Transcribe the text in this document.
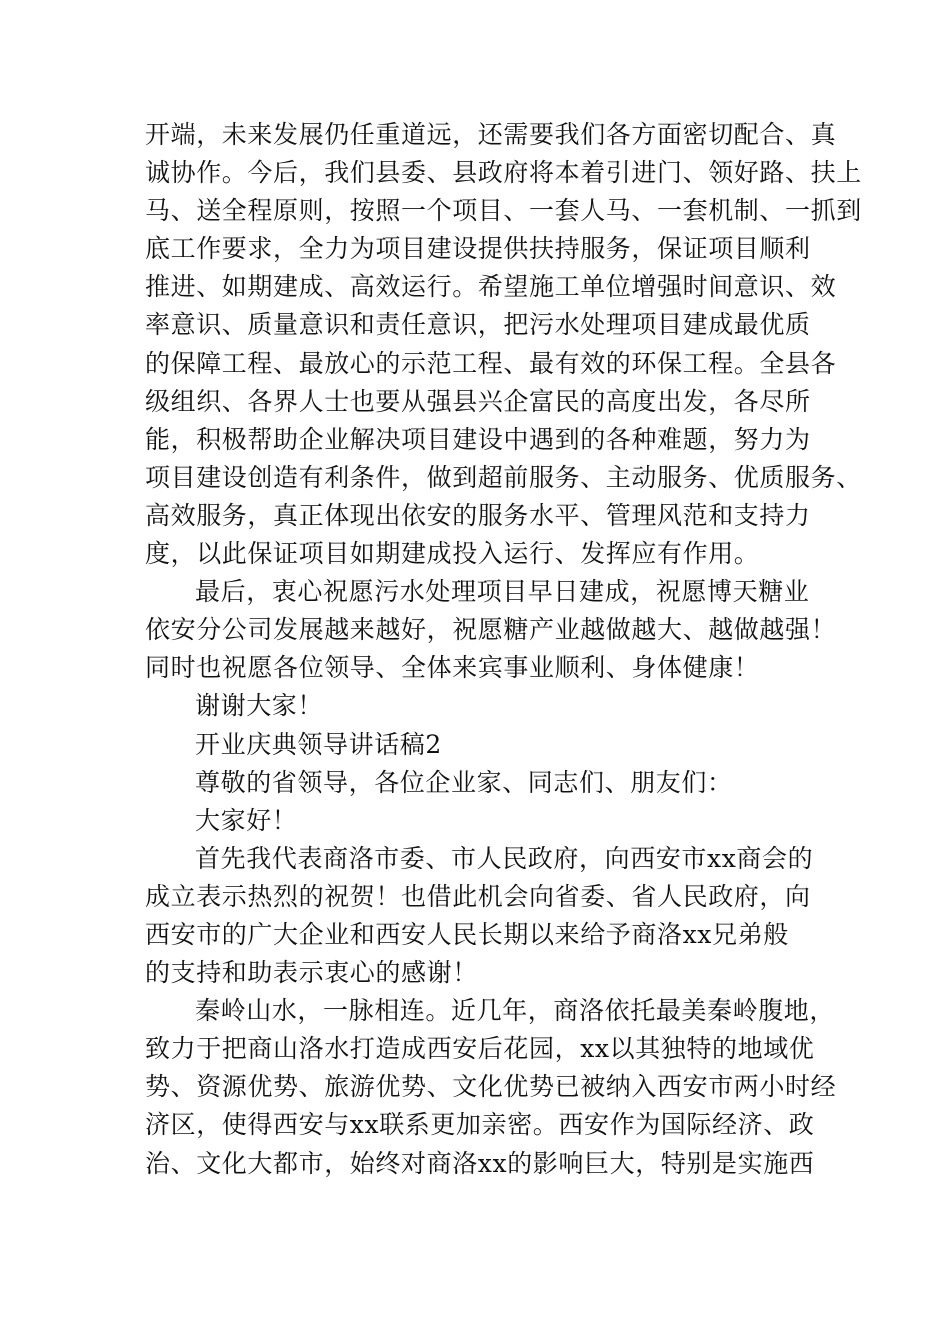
开端，未来发展仍任重道远，还需要我们各方面密切配合、真
诚协作。今后，我们县委、县政府将本着引进门、领好路、扶上
马、送全程原则，按照一个项目、一套人马、一套机制、一抓到
底工作要求，全力为项目建设提供扶持服务，保证项目顺利
推进、如期建成、高效运行。希望施工单位增强时间意识、效
率意识、质量意识和责任意识，把污水处理项目建成最优质
的保障工程、最放心的示范工程、最有效的环保工程。全县各
级组织、各界人士也要从强县兴企富民的高度出发，各尽所
能，积极帮助企业解决项目建设中遇到的各种难题，努力为
项目建设创造有利条件，做到超前服务、主动服务、优质服务、
高效服务，真正体现出依安的服务水平、管理风范和支持力
度，以此保证项目如期建成投入运行、发挥应有作用。
最后，衷心祝愿污水处理项目早日建成，祝愿博天糖业
依安分公司发展越来越好，祝愿糖产业越做越大、越做越强！
同时也祝愿各位领导、全体来宾事业顺利、身体健康！
谢谢大家！
开业庆典领导讲话稿2
尊敬的省领导，各位企业家、同志们、朋友们：
大家好！
首先我代表商洛市委、市人民政府，向西安市xx商会的
成立表示热烈的祝贺！也借此机会向省委、省人民政府，向
西安市的广大企业和西安人民长期以来给予商洛xx兄弟般
的支持和助表示衷心的感谢！
秦岭山水，一脉相连。近几年，商洛依托最美秦岭腹地，
致力于把商山洛水打造成西安后花园，xx以其独特的地域优
势、资源优势、旅游优势、文化优势已被纳入西安市两小时经
济区，使得西安与xx联系更加亲密。西安作为国际经济、政
治、文化大都市，始终对商洛xx的影响巨大，特别是实施西
